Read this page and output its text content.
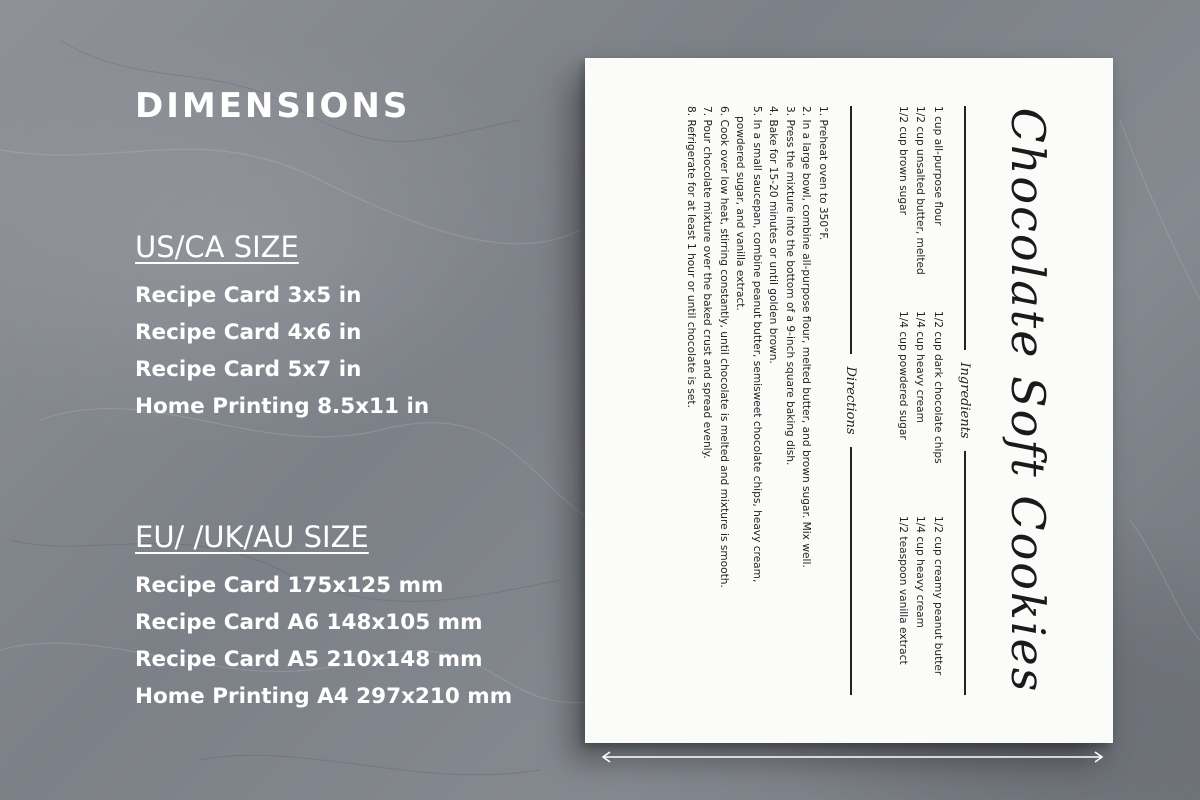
DIMENSIONS
US/CA SIZE
Recipe Card 3x5 in
Recipe Card 4x6 in
Recipe Card 5x7 in
Home Printing 8.5x11 in
EU/ /UK/AU SIZE
Recipe Card 175x125 mm
Recipe Card A6 148x105 mm
Recipe Card A5 210x148 mm
Home Printing A4 297x210 mm
Chocolate Soft Cookies
Ingredients
1 cup all-purpose flour
1/2 cup dark chocolate chips
1/2 cup creamy peanut butter
1/2 cup unsalted butter, melted
1/4 cup heavy cream
1/4 cup heavy cream
1/2 cup brown sugar
1/4 cup powdered sugar
1/2 teaspoon vanilla extract
Directions
1. Preheat oven to 350°F.
2. In a large bowl, combine all-purpose flour, melted butter, and brown sugar. Mix well.
3. Press the mixture into the bottom of a 9-inch square baking dish.
4. Bake for 15-20 minutes or until golden brown.
5. In a small saucepan, combine peanut butter, semisweet chocolate chips, heavy cream,
powdered sugar, and vanilla extract.
6. Cook over low heat, stirring constantly, until chocolate is melted and mixture is smooth.
7. Pour chocolate mixture over the baked crust and spread evenly.
8. Refrigerate for at least 1 hour or until chocolate is set.
